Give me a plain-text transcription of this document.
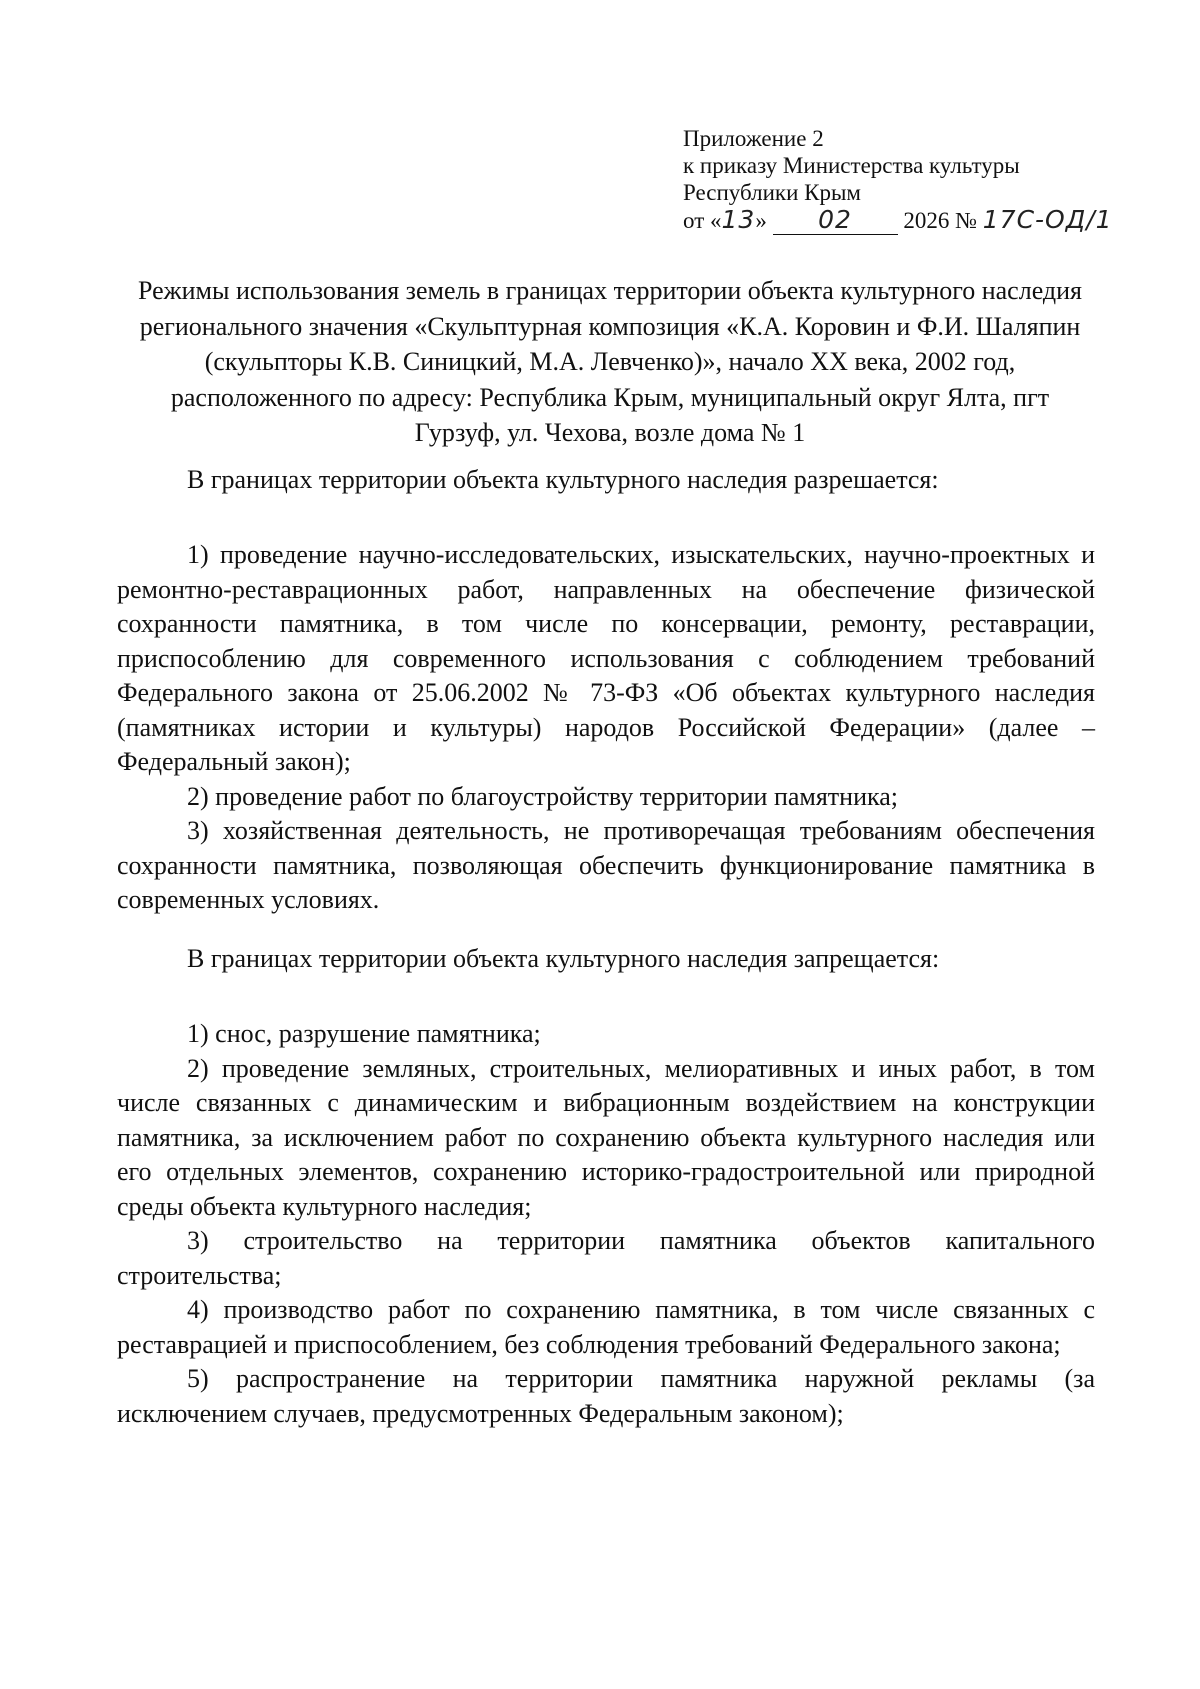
Приложение 2
к приказу Министерства культуры
Республики Крым
от «13» 02 2026 № 17С-ОД/1
Режимы использования земель в границах территории объекта культурного наследия регионального значения «Скульптурная композиция «К.А. Коровин и Ф.И. Шаляпин (скульпторы К.В. Синицкий, М.А. Левченко)», начало XX века, 2002 год, расположенного по адресу: Республика Крым, муниципальный округ Ялта, пгт Гурзуф, ул. Чехова, возле дома № 1

В границах территории объекта культурного наследия разрешается:

1) проведение научно-исследовательских, изыскательских, научно-проектных и ремонтно-реставрационных работ, направленных на обеспечение физической сохранности памятника, в том числе по консервации, ремонту, реставрации, приспособлению для современного использования с соблюдением требований Федерального закона от 25.06.2002 № 73-ФЗ «Об объектах культурного наследия (памятниках истории и культуры) народов Российской Федерации» (далее – Федеральный закон);

2) проведение работ по благоустройству территории памятника;

3) хозяйственная деятельность, не противоречащая требованиям обеспечения сохранности памятника, позволяющая обеспечить функционирование памятника в современных условиях.

В границах территории объекта культурного наследия запрещается:

1) снос, разрушение памятника;

2) проведение земляных, строительных, мелиоративных и иных работ, в том числе связанных с динамическим и вибрационным воздействием на конструкции памятника, за исключением работ по сохранению объекта культурного наследия или его отдельных элементов, сохранению историко-градостроительной или природной среды объекта культурного наследия;

3) строительство на территории памятника объектов капитального строительства;

4) производство работ по сохранению памятника, в том числе связанных с реставрацией и приспособлением, без соблюдения требований Федерального закона;

5) распространение на территории памятника наружной рекламы (за исключением случаев, предусмотренных Федеральным законом);
